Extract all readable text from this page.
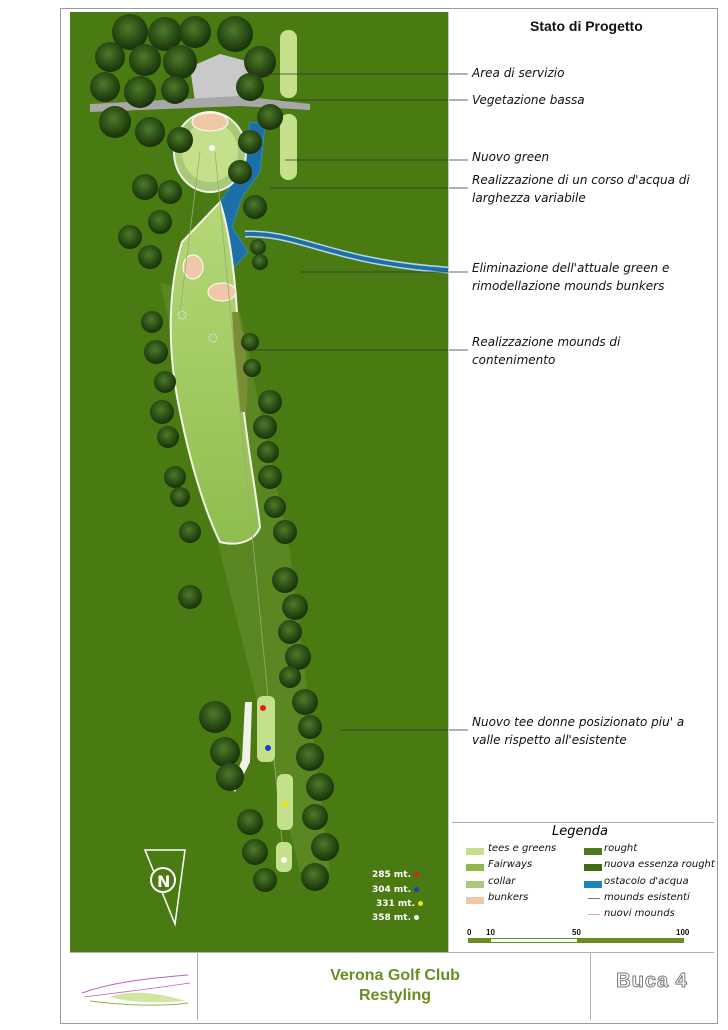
N
Stato di Progetto
Area di servizio
Vegetazione bassa
Nuovo green
Realizzazione di un corso d'acqua di
larghezza variabile
Eliminazione dell'attuale green e
rimodellazione mounds bunkers
Realizzazione mounds di
contenimento
Nuovo tee donne posizionato piu' a
valle rispetto all'esistente
285 mt.
304 mt.
331 mt.
358 mt.
Legenda
tees e greens
Fairways
collar
bunkers
rought
nuova essenza rought
ostacolo d'acqua
mounds esistenti
nuovi mounds
0 10	50	100
Verona Golf Club
Restyling
Buca 4
